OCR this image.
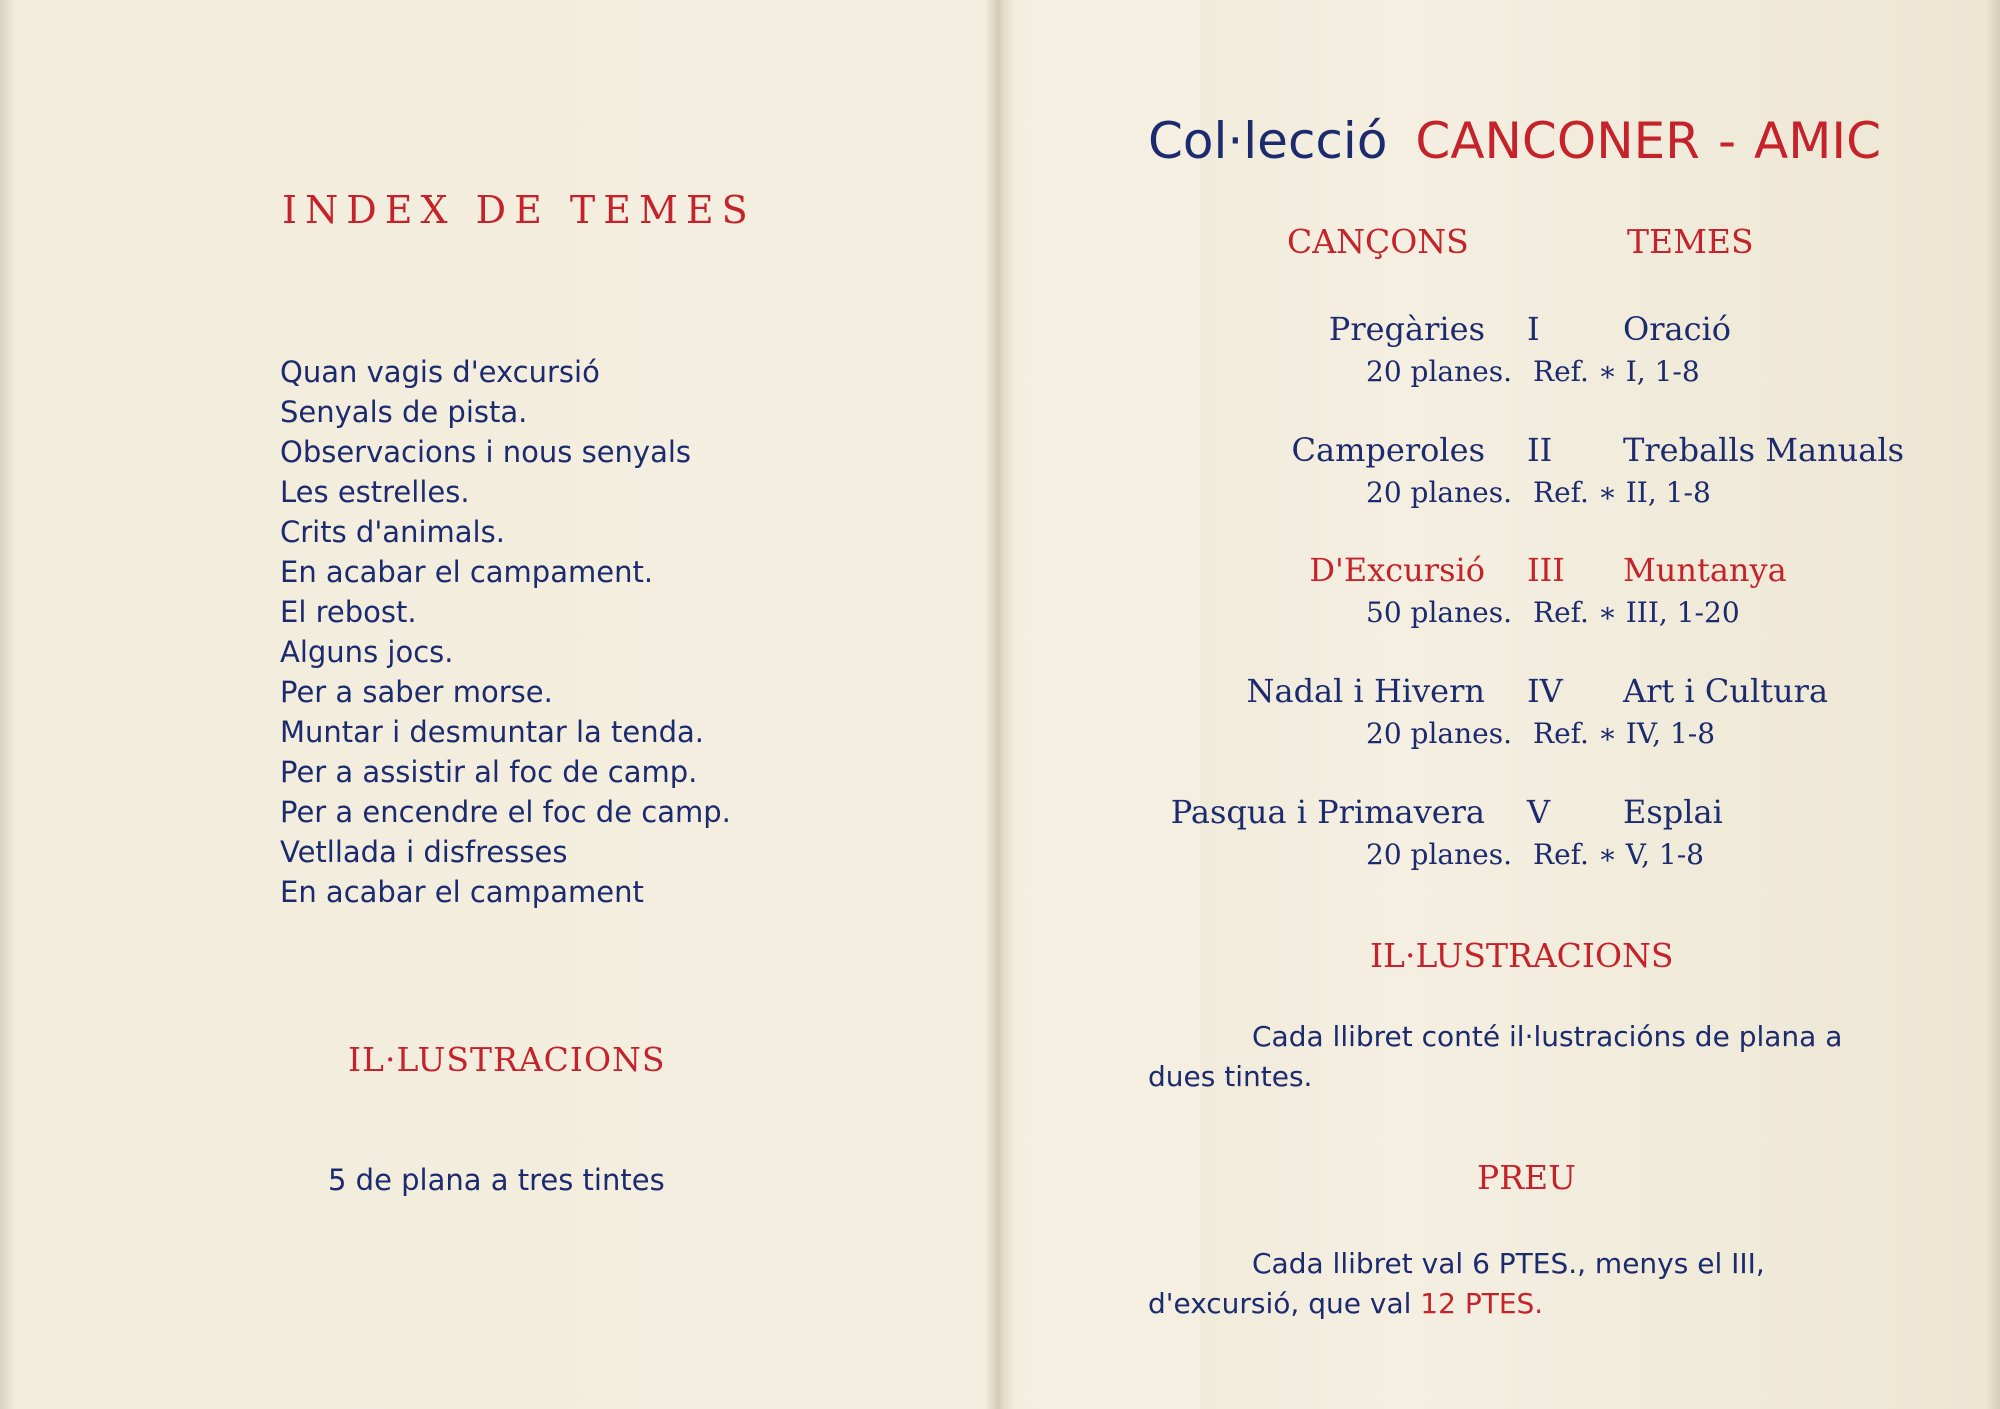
INDEX DE TEMES
Quan vagis d'excursió
Senyals de pista.
Observacions i nous senyals
Les estrelles.
Crits d'animals.
En acabar el campament.
El rebost.
Alguns jocs.
Per a saber morse.
Muntar i desmuntar la tenda.
Per a assistir al foc de camp.
Per a encendre el foc de camp.
Vetllada i disfresses
En acabar el campament
IL·LUSTRACIONS

5 de plana a tres tintes

Col·lecció CANCONER - AMIC
CANÇONS	TEMES
Pregàries I	Oració
20 planes. Ref. ∗ I, 1-8
Camperoles II Treballs Manuals
20 planes. Ref. ∗ II, 1-8
D'Excursió III Muntanya
50 planes. Ref. ∗ III, 1-20
Nadal i Hivern IV Art i Cultura
20 planes. Ref. ∗ IV, 1-8
Pasqua i Primavera V Esplai
20 planes. Ref. ∗ V, 1-8
IL·LUSTRACIONS

Cada llibret conté il·lustracións de plana a dues tintes.

PREU

Cada llibret val 6 PTES., menys el III, d'excursió, que val 12 PTES.
